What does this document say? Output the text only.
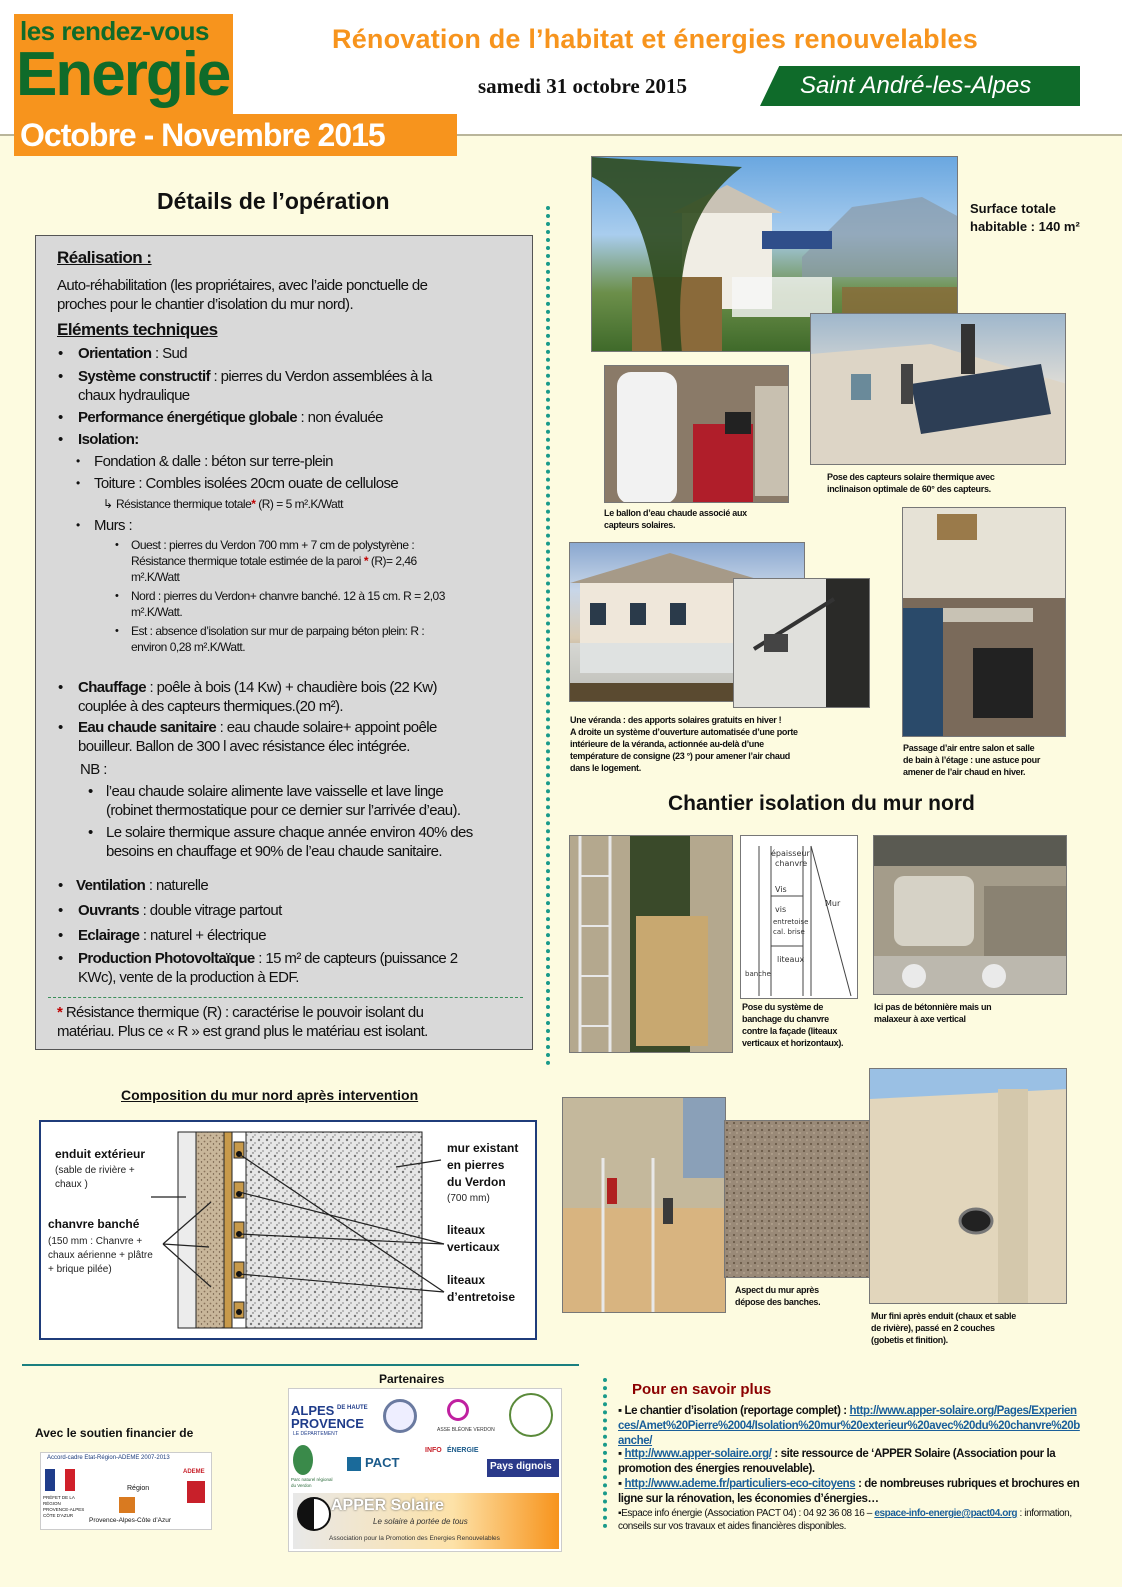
les rendez-vous
Energie
Octobre - Novembre 2015
Rénovation de l’habitat et énergies renouvelables
samedi 31 octobre 2015	Saint André-les-Alpes
Détails de l’opération
Réalisation :
Auto-réhabilitation (les propriétaires, avec l’aide ponctuelle de
proches pour le chantier d’isolation du mur nord).
Eléments techniques
• Orientation : Sud
• Système constructif : pierres du Verdon assemblées à la
chaux hydraulique
• Performance énergétique globale : non évaluée
• Isolation:
• Fondation & dalle : béton sur terre-plein
• Toiture : Combles isolées 20cm ouate de cellulose
↳ Résistance thermique totale* (R) = 5 m².K/Watt
• Murs :
• Ouest : pierres du Verdon 700 mm + 7 cm de polystyrène :
Résistance thermique totale estimée de la paroi * (R)= 2,46
m².K/Watt
• Nord : pierres du Verdon+ chanvre banché. 12 à 15 cm. R = 2,03
m².K/Watt.
• Est : absence d’isolation sur mur de parpaing béton plein: R :
environ 0,28 m².K/Watt.
• Chauffage : poêle à bois (14 Kw) + chaudière bois (22 Kw)
couplée à des capteurs thermiques.(20 m²).
• Eau chaude sanitaire : eau chaude solaire+ appoint poêle
bouilleur. Ballon de 300 l avec résistance élec intégrée.
NB :
• l’eau chaude solaire alimente lave vaisselle et lave linge
(robinet thermostatique pour ce dernier sur l’arrivée d’eau).
• Le solaire thermique assure chaque année environ 40% des
besoins en chauffage et 90% de l’eau chaude sanitaire.
• Ventilation : naturelle
• Ouvrants : double vitrage partout
• Eclairage : naturel + électrique
• Production Photovoltaïque : 15 m² de capteurs (puissance 2
KWc), vente de la production à EDF.
* Résistance thermique (R) : caractérise le pouvoir isolant du
matériau. Plus ce « R » est grand plus le matériau est isolant.
Composition du mur nord après intervention
enduit extérieur
(sable de rivière +
chaux )
chanvre banché
(150 mm : Chanvre +
chaux aérienne + plâtre
+ brique pilée)
mur existant
en pierres
du Verdon
(700 mm)
liteaux
verticaux
liteaux
d’entretoise
Surface totale
habitable : 140 m²
Pose des capteurs solaire thermique avec
inclinaison optimale de 60° des capteurs.
Le ballon d’eau chaude associé aux
capteurs solaires.
Une véranda : des apports solaires gratuits en hiver !
A droite un système d’ouverture automatisée d’une porte
intérieure de la véranda, actionnée au-delà d’une
température de consigne (23 °) pour amener l’air chaud
dans le logement.
Passage d’air entre salon et salle
de bain à l’étage : une astuce pour
amener de l’air chaud en hiver.
Chantier isolation du mur nord
épaisseur
chanvre
Vis
vis
entretoise
cal. brise
Mur
liteaux
banche
Pose du système de
banchage du chanvre
contre la façade (liteaux
verticaux et horizontaux).
Ici pas de bétonnière mais un
malaxeur à axe vertical
Aspect du mur après
dépose des banches.
Mur fini après enduit (chaux et sable
de rivière), passé en 2 couches
(gobetis et finition).
Partenaires
Avec le soutien financier de
Accord-cadre Etat-Région-ADEME 2007-2013
PRÉFET DE LA RÉGION PROVENCE-ALPES CÔTE D'AZUR
Région
Provence-Alpes-Côte d’Azur
ADEME
ALPES DE HAUTE
PROVENCE
LE DÉPARTEMENT
ASSE BLÉONE VERDON
Parc naturel régional du Verdon
PACT
INFO ÉNERGIE
Pays dignois
APPER Solaire
Le solaire à portée de tous
Association pour la Promotion des Energies Renouvelables
Pour en savoir plus
▪ Le chantier d’isolation (reportage complet) : http://www.apper-solaire.org/Pages/Experiences/Amet%20Pierre%2004/Isolation%20mur%20exterieur%20avec%20du%20chanvre%20banche/
▪ http://www.apper-solaire.org/ : site ressource de ‘APPER Solaire (Association pour la promotion des énergies renouvelable).
▪ http://www.ademe.fr/particuliers-eco-citoyens : de nombreuses rubriques et brochures en ligne sur la rénovation, les économies d’énergies…
▪Espace info énergie (Association PACT 04) : 04 92 36 08 16 – espace-info-energie@pact04.org : information, conseils sur vos travaux et aides financières disponibles.
